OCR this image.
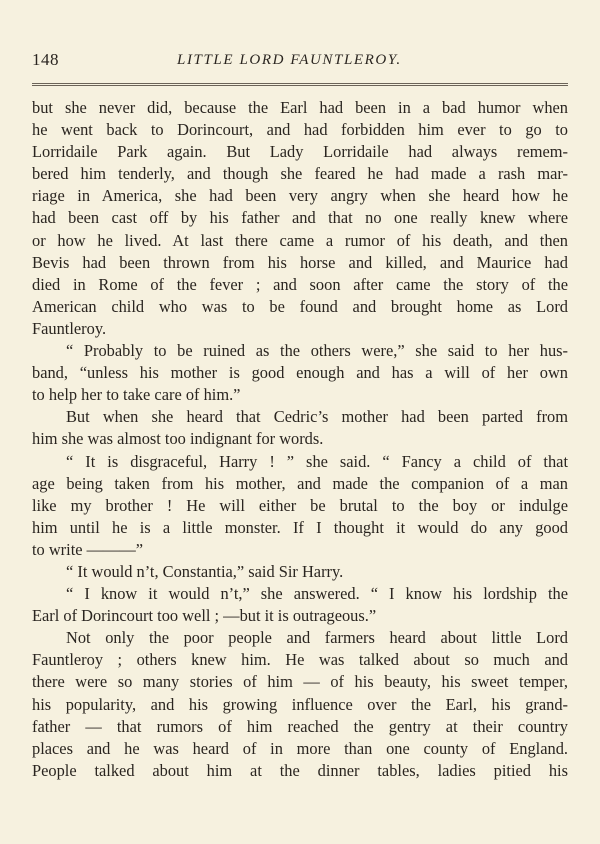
148	LITTLE LORD FAUNTLEROY.
but she never did, because the Earl had been in a bad humor when
he went back to Dorincourt, and had forbidden him ever to go to
Lorridaile Park again. But Lady Lorridaile had always remem-
bered him tenderly, and though she feared he had made a rash mar-
riage in America, she had been very angry when she heard how he
had been cast off by his father and that no one really knew where
or how he lived. At last there came a rumor of his death, and then
Bevis had been thrown from his horse and killed, and Maurice had
died in Rome of the fever ; and soon after came the story of the
American child who was to be found and brought home as Lord
Fauntleroy.
“ Probably to be ruined as the others were,” she said to her hus-
band, “unless his mother is good enough and has a will of her own
to help her to take care of him.”
But when she heard that Cedric’s mother had been parted from
him she was almost too indignant for words.
“ It is disgraceful, Harry ! ” she said. “ Fancy a child of that
age being taken from his mother, and made the companion of a man
like my brother ! He will either be brutal to the boy or indulge
him until he is a little monster. If I thought it would do any good
to write ———”
“ It would n’t, Constantia,” said Sir Harry.
“ I know it would n’t,” she answered. “ I know his lordship the
Earl of Dorincourt too well ; —but it is outrageous.”
Not only the poor people and farmers heard about little Lord
Fauntleroy ; others knew him. He was talked about so much and
there were so many stories of him — of his beauty, his sweet temper,
his popularity, and his growing influence over the Earl, his grand-
father — that rumors of him reached the gentry at their country
places and he was heard of in more than one county of England.
People talked about him at the dinner tables, ladies pitied his
